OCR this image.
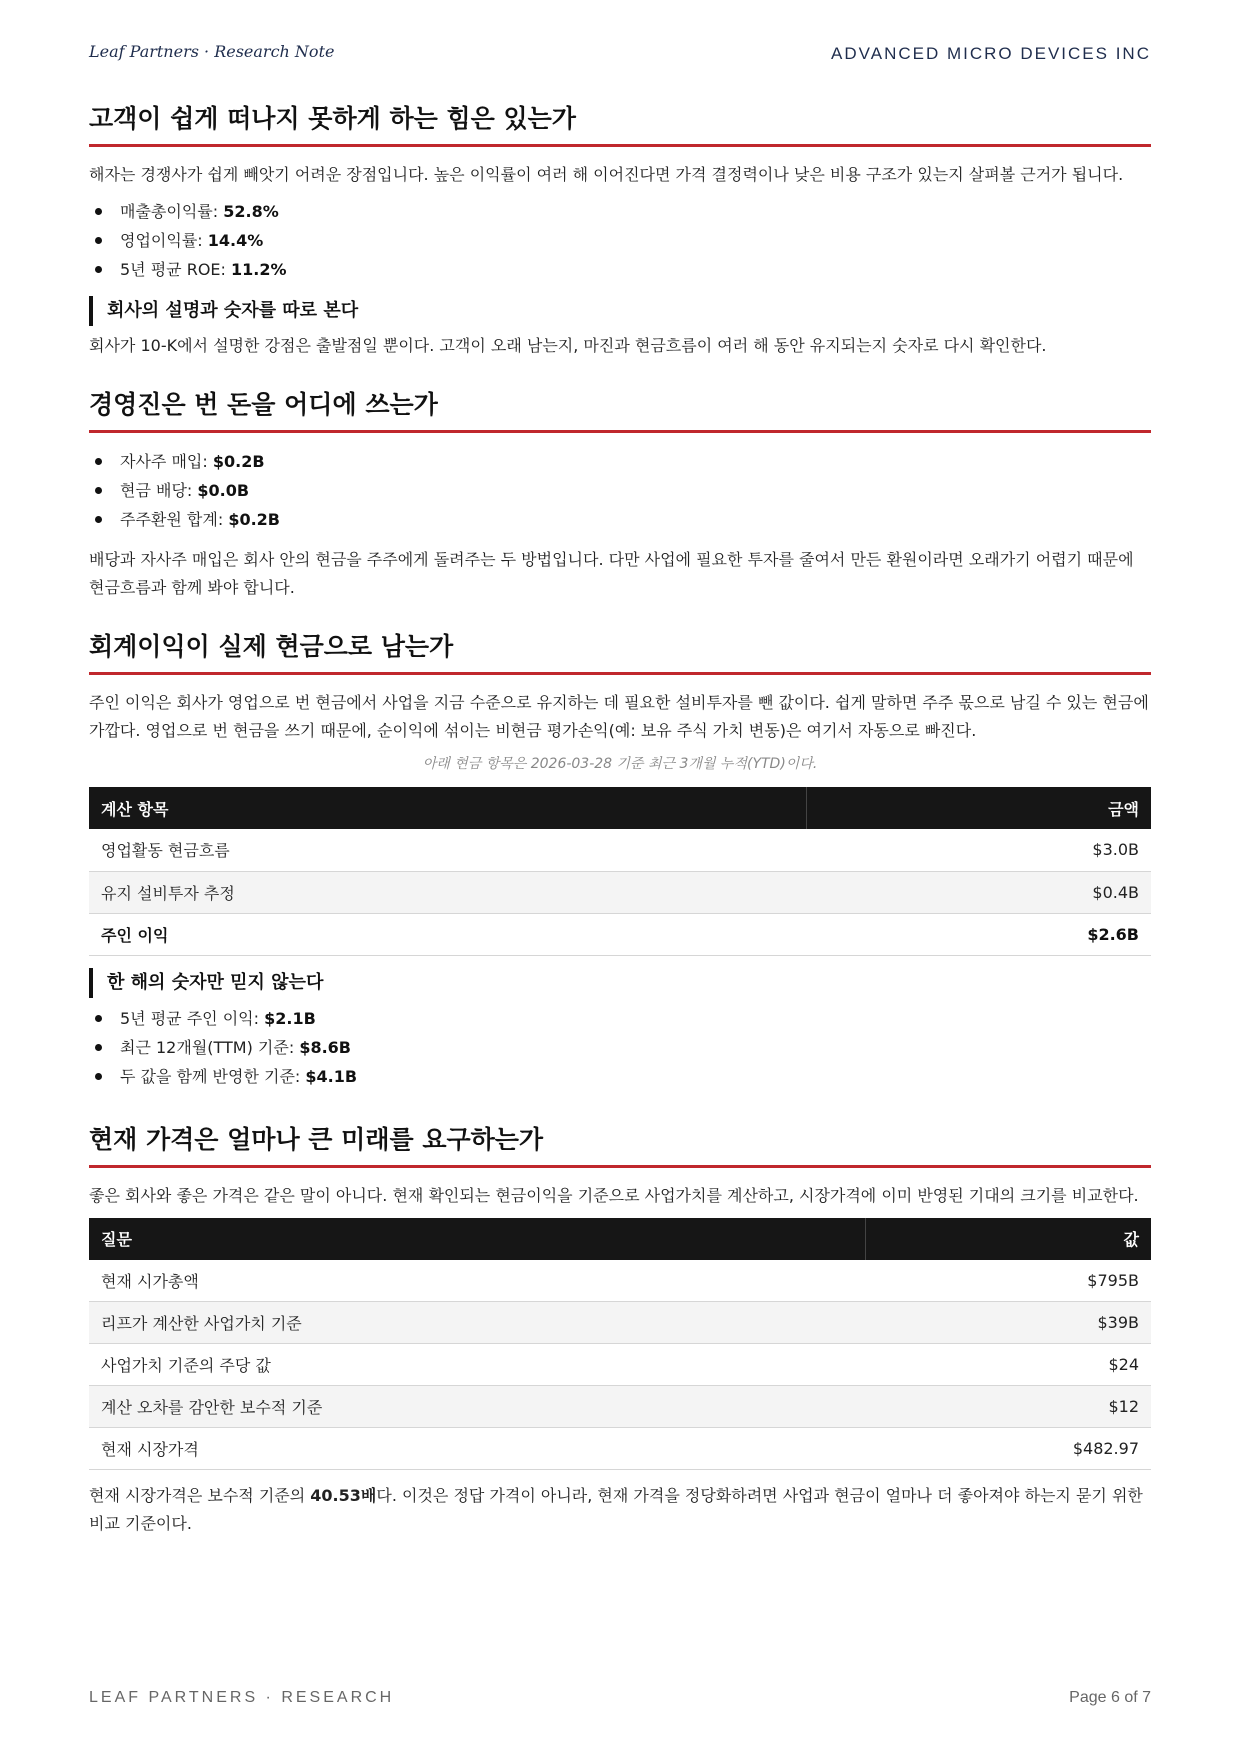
Leaf Partners · Research Note	ADVANCED MICRO DEVICES INC
고객이 쉽게 떠나지 못하게 하는 힘은 있는가

해자는 경쟁사가 쉽게 빼앗기 어려운 장점입니다. 높은 이익률이 여러 해 이어진다면 가격 결정력이나 낮은 비용 구조가 있는지 살펴볼 근거가 됩니다.

매출총이익률: 52.8%
영업이익률: 14.4%
5년 평균 ROE: 11.2%
회사의 설명과 숫자를 따로 본다

회사가 10-K에서 설명한 강점은 출발점일 뿐이다. 고객이 오래 남는지, 마진과 현금흐름이 여러 해 동안 유지되는지 숫자로 다시 확인한다.

경영진은 번 돈을 어디에 쓰는가
자사주 매입: $0.2B
현금 배당: $0.0B
주주환원 합계: $0.2B

배당과 자사주 매입은 회사 안의 현금을 주주에게 돌려주는 두 방법입니다. 다만 사업에 필요한 투자를 줄여서 만든 환원이라면 오래가기 어렵기 때문에 현금흐름과 함께 봐야 합니다.

회계이익이 실제 현금으로 남는가

주인 이익은 회사가 영업으로 번 현금에서 사업을 지금 수준으로 유지하는 데 필요한 설비투자를 뺀 값이다. 쉽게 말하면 주주 몫으로 남길 수 있는 현금에 가깝다. 영업으로 번 현금을 쓰기 때문에, 순이익에 섞이는 비현금 평가손익(예: 보유 주식 가치 변동)은 여기서 자동으로 빠진다.

아래 현금 항목은 2026-03-28 기준 최근 3개월 누적(YTD)이다.

계산 항목	금액
영업활동 현금흐름	$3.0B
유지 설비투자 추정	$0.4B
주인 이익	$2.6B
한 해의 숫자만 믿지 않는다
5년 평균 주인 이익: $2.1B
최근 12개월(TTM) 기준: $8.6B
두 값을 함께 반영한 기준: $4.1B
현재 가격은 얼마나 큰 미래를 요구하는가

좋은 회사와 좋은 가격은 같은 말이 아니다. 현재 확인되는 현금이익을 기준으로 사업가치를 계산하고, 시장가격에 이미 반영된 기대의 크기를 비교한다.

질문	값
현재 시가총액	$795B
리프가 계산한 사업가치 기준	$39B
사업가치 기준의 주당 값	$24
계산 오차를 감안한 보수적 기준	$12
현재 시장가격	$482.97

현재 시장가격은 보수적 기준의 40.53배다. 이것은 정답 가격이 아니라, 현재 가격을 정당화하려면 사업과 현금이 얼마나 더 좋아져야 하는지 묻기 위한 비교 기준이다.

LEAF PARTNERS · RESEARCH	Page 6 of 7
